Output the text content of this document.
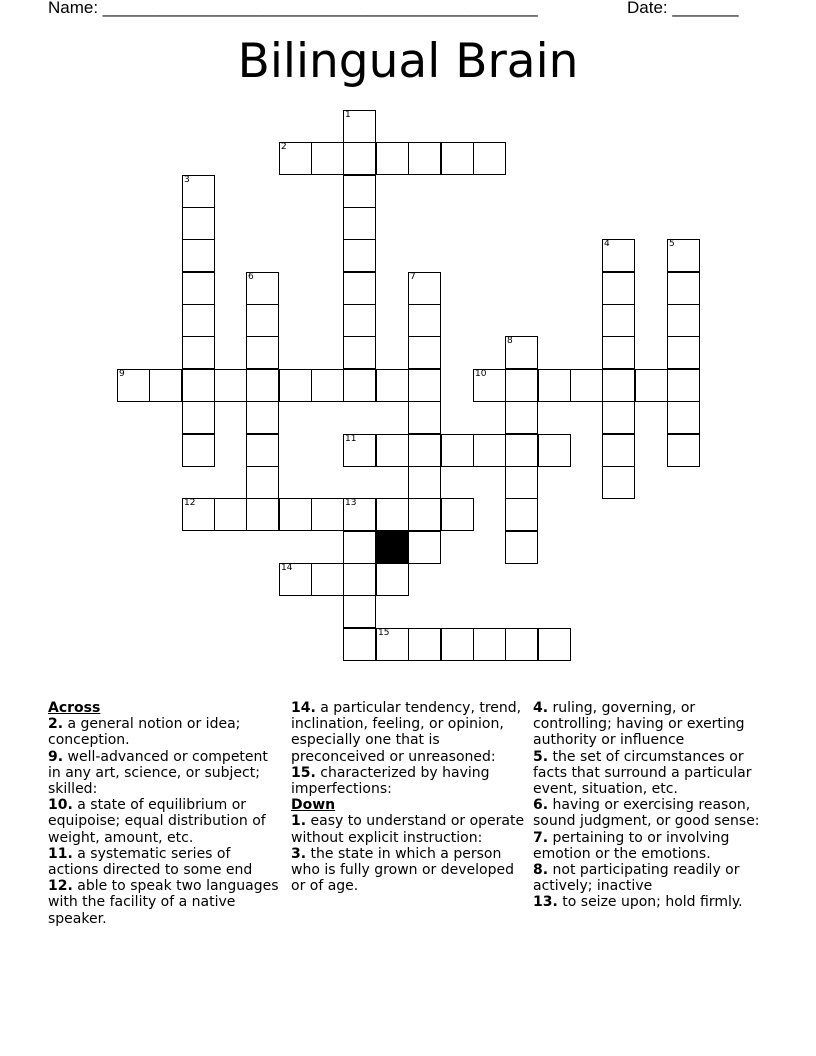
Name: ______________________________________________	Date: _______
Bilingual Brain
1
2
3
4	5
6	7
8
9	10
11
12	13
14
15
Across
2. a general notion or idea; conception.
9. well-advanced or competent in any art, science, or subject; skilled:
10. a state of equilibrium or equipoise; equal distribution of weight, amount, etc.
11. a systematic series of actions directed to some end
12. able to speak two languages with the facility of a native speaker.
14. a particular tendency, trend, inclination, feeling, or opinion, especially one that is preconceived or unreasoned:
15. characterized by having imperfections:
Down
1. easy to understand or operate without explicit instruction:
3. the state in which a person who is fully grown or developed or of age.
4. ruling, governing, or controlling; having or exerting authority or influence
5. the set of circumstances or facts that surround a particular event, situation, etc.
6. having or exercising reason, sound judgment, or good sense:
7. pertaining to or involving emotion or the emotions.
8. not participating readily or actively; inactive
13. to seize upon; hold firmly.
